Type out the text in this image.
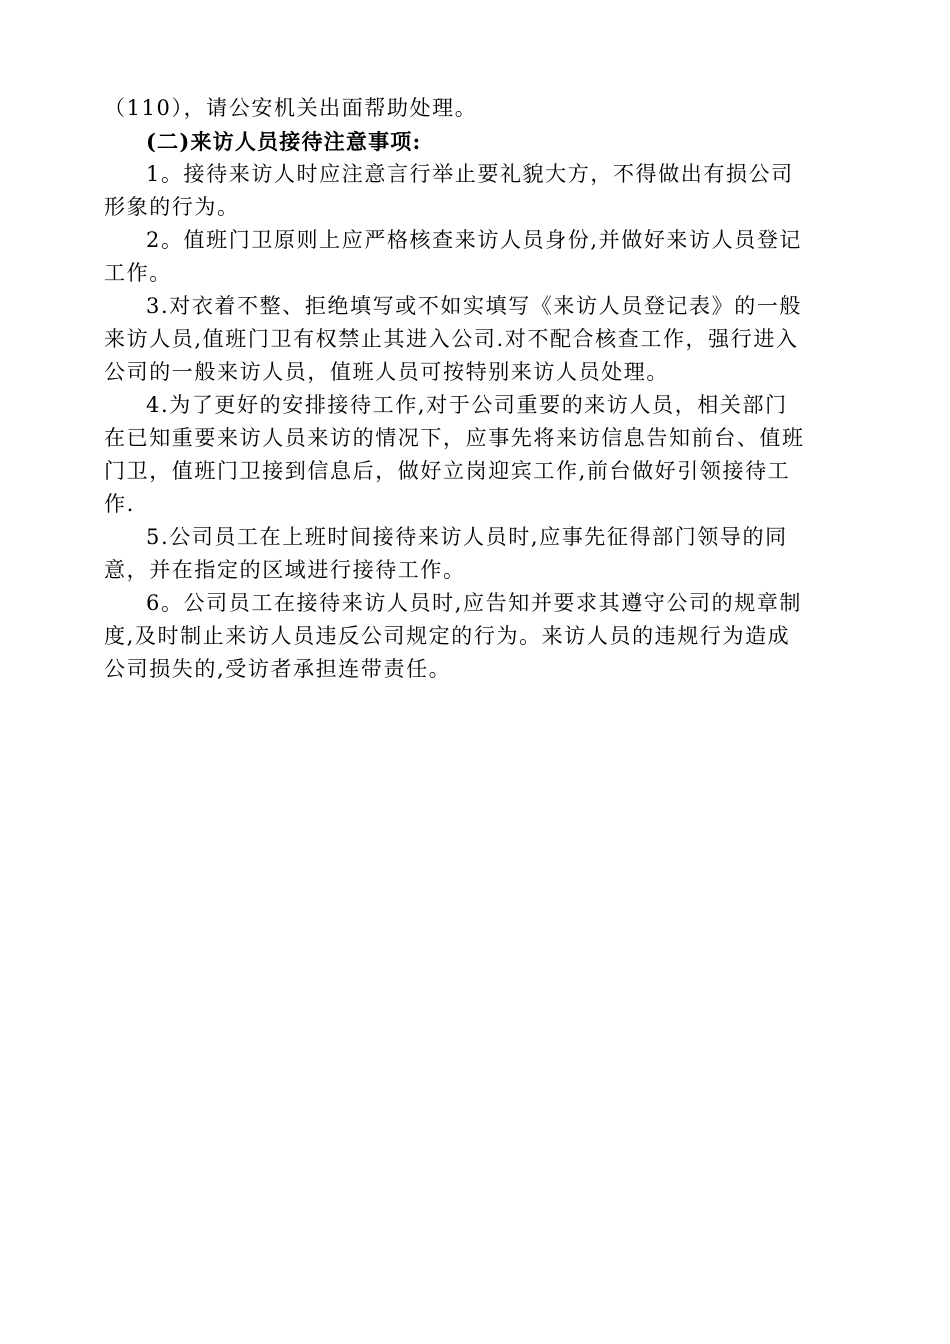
（110），请公安机关出面帮助处理。

(二)来访人员接待注意事项:

1。接待来访人时应注意言行举止要礼貌大方，不得做出有损公司

形象的行为。

2。值班门卫原则上应严格核查来访人员身份,并做好来访人员登记

工作。

3.对衣着不整、拒绝填写或不如实填写《来访人员登记表》的一般

来访人员,值班门卫有权禁止其进入公司.对不配合核查工作，强行进入

公司的一般来访人员，值班人员可按特别来访人员处理。

4.为了更好的安排接待工作,对于公司重要的来访人员，相关部门

在已知重要来访人员来访的情况下，应事先将来访信息告知前台、值班

门卫，值班门卫接到信息后，做好立岗迎宾工作,前台做好引领接待工

作.

5.公司员工在上班时间接待来访人员时,应事先征得部门领导的同

意，并在指定的区域进行接待工作。

6。公司员工在接待来访人员时,应告知并要求其遵守公司的规章制

度,及时制止来访人员违反公司规定的行为。来访人员的违规行为造成

公司损失的,受访者承担连带责任。
